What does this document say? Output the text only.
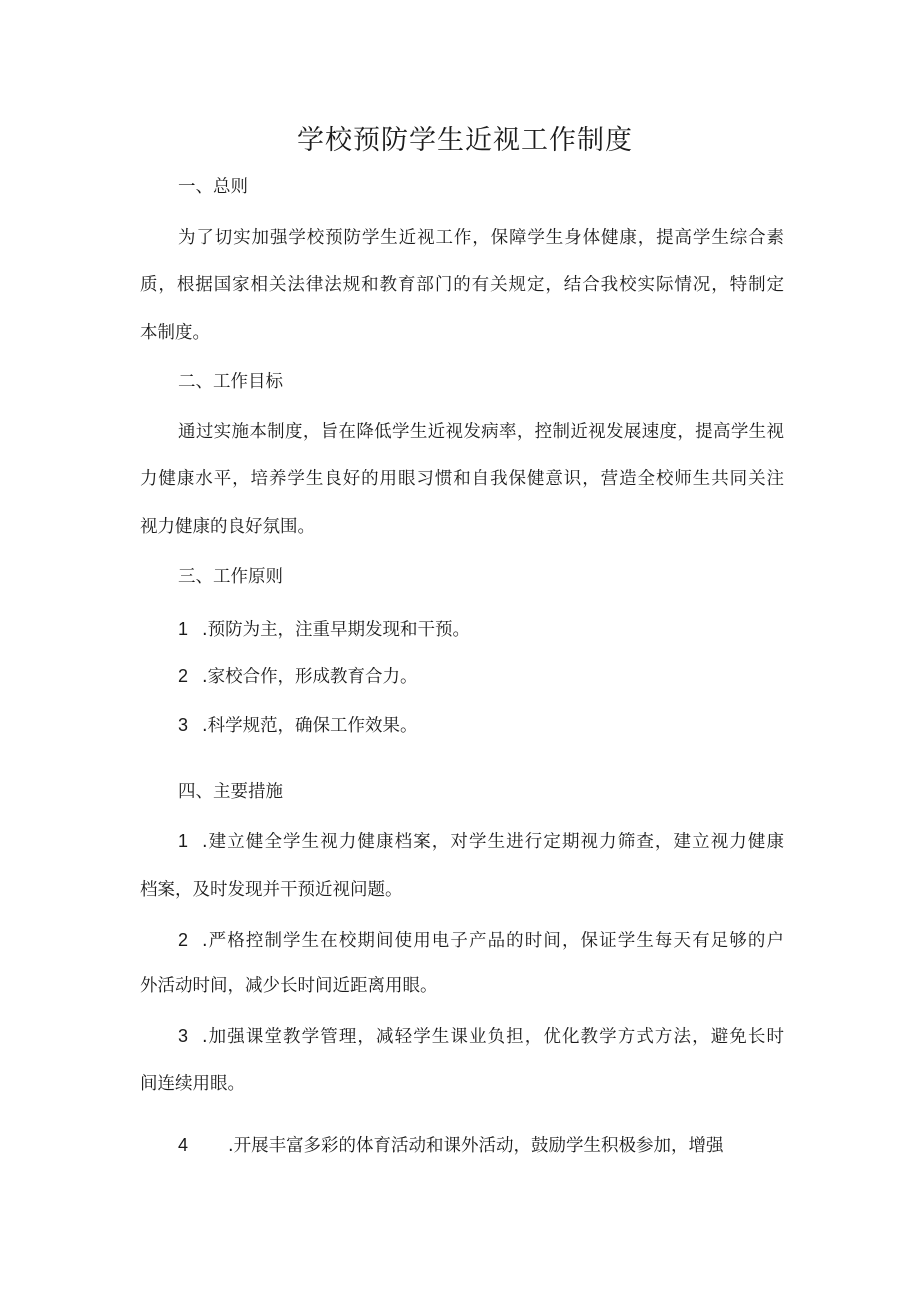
学校预防学生近视工作制度
一、总则
为了切实加强学校预防学生近视工作，保障学生身体健康，提高学生综合素
质，根据国家相关法律法规和教育部门的有关规定，结合我校实际情况，特制定
本制度。
二、工作目标
通过实施本制度，旨在降低学生近视发病率，控制近视发展速度，提高学生视
力健康水平，培养学生良好的用眼习惯和自我保健意识，营造全校师生共同关注
视力健康的良好氛围。
三、工作原则
1 .预防为主，注重早期发现和干预。
2 .家校合作，形成教育合力。
3 .科学规范，确保工作效果。
四、主要措施
1 .建立健全学生视力健康档案，对学生进行定期视力筛查，建立视力健康
档案，及时发现并干预近视问题。
2 .严格控制学生在校期间使用电子产品的时间，保证学生每天有足够的户
外活动时间，减少长时间近距离用眼。
3 .加强课堂教学管理，减轻学生课业负担，优化教学方式方法，避免长时
间连续用眼。
4 .开展丰富多彩的体育活动和课外活动，鼓励学生积极参加，增强
